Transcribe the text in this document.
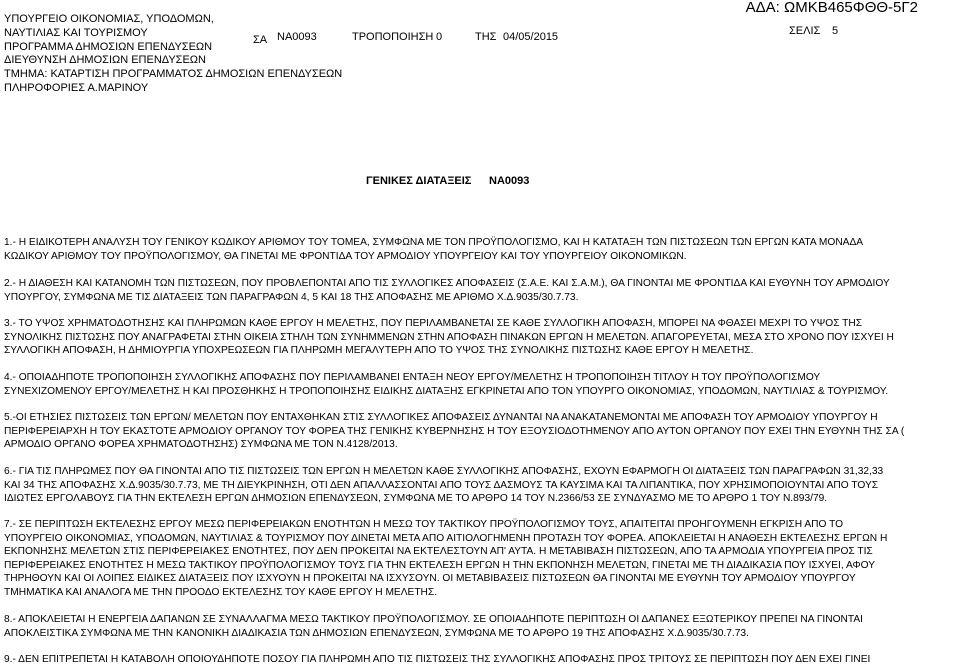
ΥΠΟΥΡΓΕΙΟ ΟΙΚΟΝΟΜΙΑΣ, ΥΠΟΔΟΜΩΝ,
ΝΑΥΤΙΛΙΑΣ ΚΑΙ ΤΟΥΡΙΣΜΟΥ
ΠΡΟΓΡΑΜΜΑ ΔΗΜΟΣΙΩΝ ΕΠΕΝΔΥΣΕΩΝ
ΔΙΕΥΘΥΝΣΗ ΔΗΜΟΣΙΩΝ ΕΠΕΝΔΥΣΕΩΝ
ΤΜΗΜΑ: ΚΑΤΑΡΤΙΣΗ ΠΡΟΓΡΑΜΜΑΤΟΣ ΔΗΜΟΣΙΩΝ ΕΠΕΝΔΥΣΕΩΝ
ΠΛΗΡΟΦΟΡΙΕΣ Α.ΜΑΡΙΝΟΥ
ΣΑ ΝΑ0093	ΤΡΟΠΟΠΟΙΗΣΗ 0	ΤΗΣ 04/05/2015
ΑΔΑ: ΩΜΚΒ465ΦΘΘ-5Γ2
ΣΕΛΙΣ 5
ΓΕΝΙΚΕΣ ΔΙΑΤΑΞΕΙΣ ΝΑ0093
1.- Η ΕΙΔΙΚΟΤΕΡΗ ΑΝΑΛΥΣΗ ΤΟΥ ΓΕΝΙΚΟΥ ΚΩΔΙΚΟΥ ΑΡΙΘΜΟΥ ΤΟΥ ΤΟΜΕΑ, ΣΥΜΦΩΝΑ ΜΕ ΤΟΝ ΠΡΟΫΠΟΛΟΓΙΣΜΟ, ΚΑΙ Η ΚΑΤΑΤΑΞΗ ΤΩΝ ΠΙΣΤΩΣΕΩΝ ΤΩΝ ΕΡΓΩΝ ΚΑΤΑ ΜΟΝΑΔΑ
ΚΩΔΙΚΟΥ ΑΡΙΘΜΟΥ ΤΟΥ ΠΡΟΫΠΟΛΟΓΙΣΜΟΥ, ΘΑ ΓΙΝΕΤΑΙ ΜΕ ΦΡΟΝΤΙΔΑ ΤΟΥ ΑΡΜΟΔΙΟΥ ΥΠΟΥΡΓΕΙΟΥ ΚΑΙ ΤΟΥ ΥΠΟΥΡΓΕΙΟΥ ΟΙΚΟΝΟΜΙΚΩΝ.
2.- Η ΔΙΑΘΕΣΗ ΚΑΙ ΚΑΤΑΝΟΜΗ ΤΩΝ ΠΙΣΤΩΣΕΩΝ, ΠΟΥ ΠΡΟΒΛΕΠΟΝΤΑΙ ΑΠΟ ΤΙΣ ΣΥΛΛΟΓΙΚΕΣ ΑΠΟΦΑΣΕΙΣ (Σ.Α.Ε. ΚΑΙ Σ.Α.Μ.), ΘΑ ΓΙΝΟΝΤΑΙ ΜΕ ΦΡΟΝΤΙΔΑ ΚΑΙ ΕΥΘΥΝΗ ΤΟΥ ΑΡΜΟΔΙΟΥ
ΥΠΟΥΡΓΟΥ, ΣΥΜΦΩΝΑ ΜΕ ΤΙΣ ΔΙΑΤΑΞΕΙΣ ΤΩΝ ΠΑΡΑΓΡΑΦΩΝ 4, 5 ΚΑΙ 18 ΤΗΣ ΑΠΟΦΑΣΗΣ ΜΕ ΑΡΙΘΜΟ Χ.Δ.9035/30.7.73.
3.- ΤΟ ΥΨΟΣ ΧΡΗΜΑΤΟΔΟΤΗΣΗΣ ΚΑΙ ΠΛΗΡΩΜΩΝ ΚΑΘΕ ΕΡΓΟΥ Η ΜΕΛΕΤΗΣ, ΠΟΥ ΠΕΡΙΛΑΜΒΑΝΕΤΑΙ ΣΕ ΚΑΘΕ ΣΥΛΛΟΓΙΚΗ ΑΠΟΦΑΣΗ, ΜΠΟΡΕΙ ΝΑ ΦΘΑΣΕΙ ΜΕΧΡΙ ΤΟ ΥΨΟΣ ΤΗΣ
ΣΥΝΟΛΙΚΗΣ ΠΙΣΤΩΣΗΣ ΠΟΥ ΑΝΑΓΡΑΦΕΤΑΙ ΣΤΗΝ ΟΙΚΕΙΑ ΣΤΗΛΗ ΤΩΝ ΣΥΝΗΜΜΕΝΩΝ ΣΤΗΝ ΑΠΟΦΑΣΗ ΠΙΝΑΚΩΝ ΕΡΓΩΝ Η ΜΕΛΕΤΩΝ. ΑΠΑΓΟΡΕΥΕΤΑΙ, ΜΕΣΑ ΣΤΟ ΧΡΟΝΟ ΠΟΥ ΙΣΧΥΕΙ Η
ΣΥΛΛΟΓΙΚΗ ΑΠΟΦΑΣΗ, Η ΔΗΜΙΟΥΡΓΙΑ ΥΠΟΧΡΕΩΣΕΩΝ ΓΙΑ ΠΛΗΡΩΜΗ ΜΕΓΑΛΥΤΕΡΗ ΑΠΟ ΤΟ ΥΨΟΣ ΤΗΣ ΣΥΝΟΛΙΚΗΣ ΠΙΣΤΩΣΗΣ ΚΑΘΕ ΕΡΓΟΥ Η ΜΕΛΕΤΗΣ.
4.- ΟΠΟΙΑΔΗΠΟΤΕ ΤΡΟΠΟΠΟΙΗΣΗ ΣΥΛΛΟΓΙΚΗΣ ΑΠΟΦΑΣΗΣ ΠΟΥ ΠΕΡΙΛΑΜΒΑΝΕΙ ΕΝΤΑΞΗ ΝΕΟΥ ΕΡΓΟΥ/ΜΕΛΕΤΗΣ Η ΤΡΟΠΟΠΟΙΗΣΗ ΤΙΤΛΟΥ Η ΤΟΥ ΠΡΟΫΠΟΛΟΓΙΣΜΟΥ
ΣΥΝΕΧΙΖΟΜΕΝΟΥ ΕΡΓΟΥ/ΜΕΛΕΤΗΣ Η ΚΑΙ ΠΡΟΣΘΗΚΗΣ Η ΤΡΟΠΟΠΟΙΗΣΗΣ ΕΙΔΙΚΗΣ ΔΙΑΤΑΞΗΣ ΕΓΚΡΙΝΕΤΑΙ ΑΠΟ ΤΟΝ ΥΠΟΥΡΓΟ ΟΙΚΟΝΟΜΙΑΣ, ΥΠΟΔΟΜΩΝ, ΝΑΥΤΙΛΙΑΣ & ΤΟΥΡΙΣΜΟΥ.
5.-ΟΙ ΕΤΗΣΙΕΣ ΠΙΣΤΩΣΕΙΣ ΤΩΝ ΕΡΓΩΝ/ ΜΕΛΕΤΩΝ ΠΟΥ ΕΝΤΑΧΘΗΚΑΝ ΣΤΙΣ ΣΥΛΛΟΓΙΚΕΣ ΑΠΟΦΑΣΕΙΣ ΔΥΝΑΝΤΑΙ ΝΑ ΑΝΑΚΑΤΑΝΕΜΟΝΤΑΙ ΜΕ ΑΠΟΦΑΣΗ ΤΟΥ ΑΡΜΟΔΙΟΥ ΥΠΟΥΡΓΟΥ Η
ΠΕΡΙΦΕΡΕΙΑΡΧΗ Η ΤΟΥ ΕΚΑΣΤΟΤΕ ΑΡΜΟΔΙΟΥ ΟΡΓΑΝΟΥ ΤΟΥ ΦΟΡΕΑ ΤΗΣ ΓΕΝΙΚΗΣ ΚΥΒΕΡΝΗΣΗΣ Η ΤΟΥ ΕΞΟΥΣΙΟΔΟΤΗΜΕΝΟΥ ΑΠΟ ΑΥΤΟΝ ΟΡΓΑΝΟΥ ΠΟΥ ΕΧΕΙ ΤΗΝ ΕΥΘΥΝΗ ΤΗΣ ΣΑ (
ΑΡΜΟΔΙΟ ΟΡΓΑΝΟ ΦΟΡΕΑ ΧΡΗΜΑΤΟΔΟΤΗΣΗΣ) ΣΥΜΦΩΝΑ ΜΕ ΤΟΝ Ν.4128/2013.
6.- ΓΙΑ ΤΙΣ ΠΛΗΡΩΜΕΣ ΠΟΥ ΘΑ ΓΙΝΟΝΤΑΙ ΑΠΟ ΤΙΣ ΠΙΣΤΩΣΕΙΣ ΤΩΝ ΕΡΓΩΝ Η ΜΕΛΕΤΩΝ ΚΑΘΕ ΣΥΛΛΟΓΙΚΗΣ ΑΠΟΦΑΣΗΣ, ΕΧΟΥΝ ΕΦΑΡΜΟΓΗ ΟΙ ΔΙΑΤΑΞΕΙΣ ΤΩΝ ΠΑΡΑΓΡΑΦΩΝ 31,32,33
ΚΑΙ 34 ΤΗΣ ΑΠΟΦΑΣΗΣ Χ.Δ.9035/30.7.73, ΜΕ ΤΗ ΔΙΕΥΚΡΙΝΗΣΗ, ΟΤΙ ΔΕΝ ΑΠΑΛΛΑΣΣΟΝΤΑΙ ΑΠΟ ΤΟΥΣ ΔΑΣΜΟΥΣ ΤΑ ΚΑΥΣΙΜΑ ΚΑΙ ΤΑ ΛΙΠΑΝΤΙΚΑ, ΠΟΥ ΧΡΗΣΙΜΟΠΟΙΟΥΝΤΑΙ ΑΠΟ ΤΟΥΣ
ΙΔΙΩΤΕΣ ΕΡΓΟΛΑΒΟΥΣ ΓΙΑ ΤΗΝ ΕΚΤΕΛΕΣΗ ΕΡΓΩΝ ΔΗΜΟΣΙΩΝ ΕΠΕΝΔΥΣΕΩΝ, ΣΥΜΦΩΝΑ ΜΕ ΤΟ ΑΡΘΡΟ 14 ΤΟΥ Ν.2366/53 ΣΕ ΣΥΝΔΥΑΣΜΟ ΜΕ ΤΟ ΑΡΘΡΟ 1 ΤΟΥ Ν.893/79.
7.- ΣΕ ΠΕΡΙΠΤΩΣΗ ΕΚΤΕΛΕΣΗΣ ΕΡΓΟΥ ΜΕΣΩ ΠΕΡΙΦΕΡΕΙΑΚΩΝ ΕΝΟΤΗΤΩΝ Η ΜΕΣΩ ΤΟΥ ΤΑΚΤΙΚΟΥ ΠΡΟΫΠΟΛΟΓΙΣΜΟΥ ΤΟΥΣ, ΑΠΑΙΤΕΙΤΑΙ ΠΡΟΗΓΟΥΜΕΝΗ ΕΓΚΡΙΣΗ ΑΠΟ ΤΟ
ΥΠΟΥΡΓΕΙΟ ΟΙΚΟΝΟΜΙΑΣ, ΥΠΟΔΟΜΩΝ, ΝΑΥΤΙΛΙΑΣ & ΤΟΥΡΙΣΜΟΥ ΠΟΥ ΔΙΝΕΤΑΙ ΜΕΤΑ ΑΠΟ ΑΙΤΙΟΛΟΓΗΜΕΝΗ ΠΡΟΤΑΣΗ ΤΟΥ ΦΟΡΕΑ. ΑΠΟΚΛΕΙΕΤΑΙ Η ΑΝΑΘΕΣΗ ΕΚΤΕΛΕΣΗΣ ΕΡΓΩΝ Η
ΕΚΠΟΝΗΣΗΣ ΜΕΛΕΤΩΝ ΣΤΙΣ ΠΕΡΙΦΕΡΕΙΑΚΕΣ ΕΝΟΤΗΤΕΣ, ΠΟΥ ΔΕΝ ΠΡΟΚΕΙΤΑΙ ΝΑ ΕΚΤΕΛΕΣΤΟΥΝ ΑΠ' ΑΥΤΑ. Η ΜΕΤΑΒΙΒΑΣΗ ΠΙΣΤΩΣΕΩΝ, ΑΠΟ ΤΑ ΑΡΜΟΔΙΑ ΥΠΟΥΡΓΕΙΑ ΠΡΟΣ ΤΙΣ
ΠΕΡΙΦΕΡΕΙΑΚΕΣ ΕΝΟΤΗΤΕΣ Η ΜΕΣΩ ΤΑΚΤΙΚΟΥ ΠΡΟΫΠΟΛΟΓΙΣΜΟΥ ΤΟΥΣ ΓΙΑ ΤΗΝ ΕΚΤΕΛΕΣΗ ΕΡΓΩΝ Η ΤΗΝ ΕΚΠΟΝΗΣΗ ΜΕΛΕΤΩΝ, ΓΙΝΕΤΑΙ ΜΕ ΤΗ ΔΙΑΔΙΚΑΣΙΑ ΠΟΥ ΙΣΧΥΕΙ, ΑΦΟΥ
ΤΗΡΗΘΟΥΝ ΚΑΙ ΟΙ ΛΟΙΠΕΣ ΕΙΔΙΚΕΣ ΔΙΑΤΑΞΕΙΣ ΠΟΥ ΙΣΧΥΟΥΝ Η ΠΡΟΚΕΙΤΑΙ ΝΑ ΙΣΧΥΣΟΥΝ. ΟΙ ΜΕΤΑΒΙΒΑΣΕΙΣ ΠΙΣΤΩΣΕΩΝ ΘΑ ΓΙΝΟΝΤΑΙ ΜΕ ΕΥΘΥΝΗ ΤΟΥ ΑΡΜΟΔΙΟΥ ΥΠΟΥΡΓΟΥ
ΤΜΗΜΑΤΙΚΑ ΚΑΙ ΑΝΑΛΟΓΑ ΜΕ ΤΗΝ ΠΡΟΟΔΟ ΕΚΤΕΛΕΣΗΣ ΤΟΥ ΚΑΘΕ ΕΡΓΟΥ Η ΜΕΛΕΤΗΣ.
8.- ΑΠΟΚΛΕΙΕΤΑΙ Η ΕΝΕΡΓΕΙΑ ΔΑΠΑΝΩΝ ΣΕ ΣΥΝΑΛΛΑΓΜΑ ΜΕΣΩ ΤΑΚΤΙΚΟΥ ΠΡΟΫΠΟΛΟΓΙΣΜΟΥ. ΣΕ ΟΠΟΙΑΔΗΠΟΤΕ ΠΕΡΙΠΤΩΣΗ ΟΙ ΔΑΠΑΝΕΣ ΕΞΩΤΕΡΙΚΟΥ ΠΡΕΠΕΙ ΝΑ ΓΙΝΟΝΤΑΙ
ΑΠΟΚΛΕΙΣΤΙΚΑ ΣΥΜΦΩΝΑ ΜΕ ΤΗΝ ΚΑΝΟΝΙΚΗ ΔΙΑΔΙΚΑΣΙΑ ΤΩΝ ΔΗΜΟΣΙΩΝ ΕΠΕΝΔΥΣΕΩΝ, ΣΥΜΦΩΝΑ ΜΕ ΤΟ ΑΡΘΡΟ 19 ΤΗΣ ΑΠΟΦΑΣΗΣ Χ.Δ.9035/30.7.73.
9.- ΔΕΝ ΕΠΙΤΡΕΠΕΤΑΙ Η ΚΑΤΑΒΟΛΗ ΟΠΟΙΟΥΔΗΠΟΤΕ ΠΟΣΟΥ ΓΙΑ ΠΛΗΡΩΜΗ ΑΠΟ ΤΙΣ ΠΙΣΤΩΣΕΙΣ ΤΗΣ ΣΥΛΛΟΓΙΚΗΣ ΑΠΟΦΑΣΗΣ ΠΡΟΣ ΤΡΙΤΟΥΣ ΣΕ ΠΕΡΙΠΤΩΣΗ ΠΟΥ ΔΕΝ ΕΧΕΙ ΓΙΝΕΙ
